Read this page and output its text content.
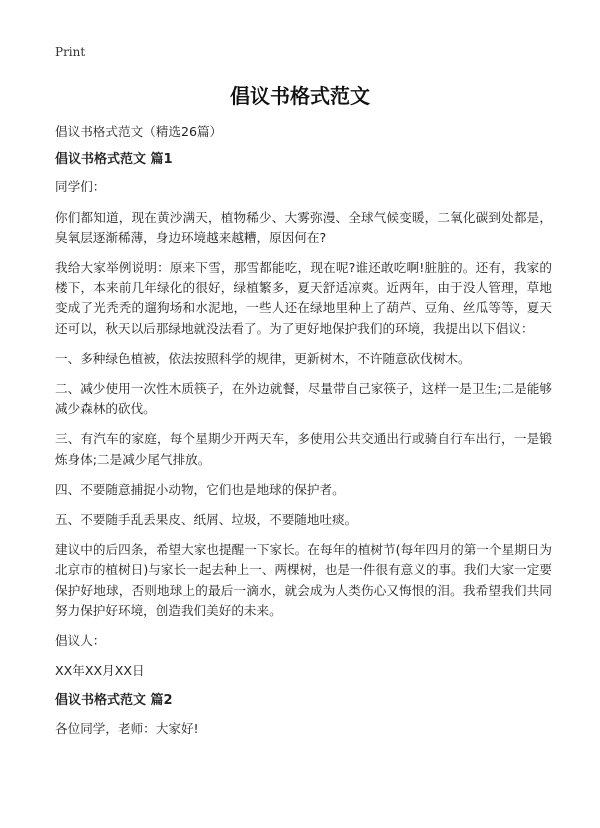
Print
倡议书格式范文

倡议书格式范文（精选26篇）

倡议书格式范文 篇1

同学们：

你们都知道，现在黄沙满天，植物稀少、大雾弥漫、全球气候变暖，二氧化碳到处都是，臭氧层逐渐稀薄，身边环境越来越糟，原因何在?

我给大家举例说明：原来下雪，那雪都能吃，现在呢?谁还敢吃啊!脏脏的。还有，我家的楼下，本来前几年绿化的很好，绿植繁多，夏天舒适凉爽。近两年，由于没人管理，草地变成了光秃秃的遛狗场和水泥地，一些人还在绿地里种上了葫芦、豆角、丝瓜等等，夏天还可以，秋天以后那绿地就没法看了。为了更好地保护我们的环境，我提出以下倡议：

一、多种绿色植被，依法按照科学的规律，更新树木，不许随意砍伐树木。

二、减少使用一次性木质筷子，在外边就餐，尽量带自己家筷子，这样一是卫生;二是能够减少森林的砍伐。

三、有汽车的家庭，每个星期少开两天车，多使用公共交通出行或骑自行车出行，一是锻炼身体;二是减少尾气排放。

四、不要随意捕捉小动物，它们也是地球的保护者。

五、不要随手乱丢果皮、纸屑、垃圾，不要随地吐痰。

建议中的后四条，希望大家也提醒一下家长。在每年的植树节(每年四月的第一个星期日为北京市的植树日)与家长一起去种上一、两棵树，也是一件很有意义的事。我们大家一定要保护好地球，否则地球上的最后一滴水，就会成为人类伤心又悔恨的泪。我希望我们共同努力保护好环境，创造我们美好的未来。

倡议人：

XX年XX月XX日

倡议书格式范文 篇2

各位同学，老师：大家好!
